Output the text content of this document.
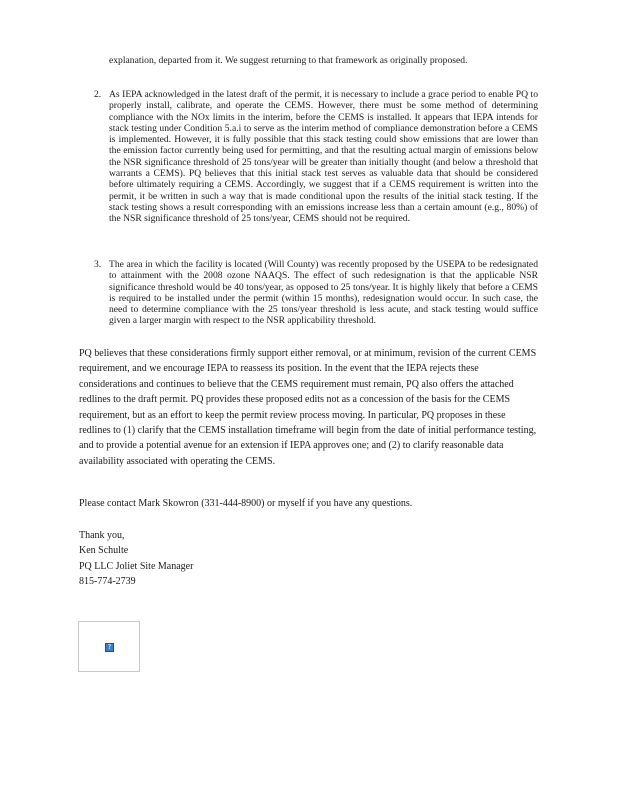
explanation, departed from it. We suggest returning to that framework as originally proposed.
2. As IEPA acknowledged in the latest draft of the permit, it is necessary to include a grace period to enable PQ to properly install, calibrate, and operate the CEMS. However, there must be some method of determining compliance with the NOx limits in the interim, before the CEMS is installed. It appears that IEPA intends for stack testing under Condition 5.a.i to serve as the interim method of compliance demonstration before a CEMS is implemented. However, it is fully possible that this stack testing could show emissions that are lower than the emission factor currently being used for permitting, and that the resulting actual margin of emissions below the NSR significance threshold of 25 tons/year will be greater than initially thought (and below a threshold that warrants a CEMS). PQ believes that this initial stack test serves as valuable data that should be considered before ultimately requiring a CEMS. Accordingly, we suggest that if a CEMS requirement is written into the permit, it be written in such a way that is made conditional upon the results of the initial stack testing. If the stack testing shows a result corresponding with an emissions increase less than a certain amount (e.g., 80%) of the NSR significance threshold of 25 tons/year, CEMS should not be required.
3. The area in which the facility is located (Will County) was recently proposed by the USEPA to be redesignated to attainment with the 2008 ozone NAAQS. The effect of such redesignation is that the applicable NSR significance threshold would be 40 tons/year, as opposed to 25 tons/year. It is highly likely that before a CEMS is required to be installed under the permit (within 15 months), redesignation would occur. In such case, the need to determine compliance with the 25 tons/year threshold is less acute, and stack testing would suffice given a larger margin with respect to the NSR applicability threshold.
PQ believes that these considerations firmly support either removal, or at minimum, revision of the current CEMS requirement, and we encourage IEPA to reassess its position. In the event that the IEPA rejects these considerations and continues to believe that the CEMS requirement must remain, PQ also offers the attached redlines to the draft permit. PQ provides these proposed edits not as a concession of the basis for the CEMS requirement, but as an effort to keep the permit review process moving. In particular, PQ proposes in these redlines to (1) clarify that the CEMS installation timeframe will begin from the date of initial performance testing, and to provide a potential avenue for an extension if IEPA approves one; and (2) to clarify reasonable data availability associated with operating the CEMS.
Please contact Mark Skowron (331-444-8900) or myself if you have any questions.
Thank you,
Ken Schulte
PQ LLC Joliet Site Manager
815-774-2739
?
